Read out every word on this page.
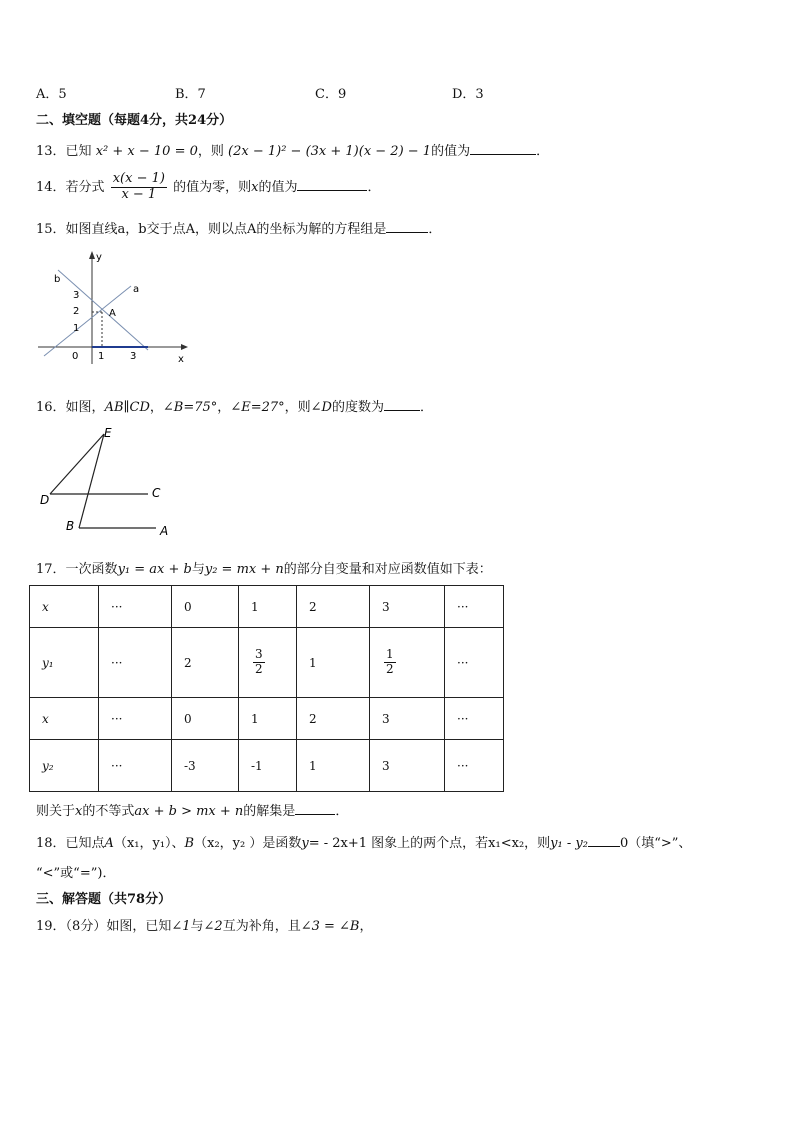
A．5	B．7	C．9	D．3
二、填空题（每题4分，共24分）
13．已知 x² + x − 10 = 0，则 (2x − 1)² − (3x + 1)(x − 2) − 1的值为	．
14．若分式 $\frac{x(x - 1)}{x - 1}$ 的值为零，则x的值为	．
15．如图直线a，b交于点A，则以点A的坐标为解的方程组是	．
b
y
a
A
x
3
2
1
0 1	3
16．如图，AB∥CD，∠B=75°，∠E=27°，则∠D的度数为	．
E
D	C
B	A
17．一次函数y₁ = ax + b与y₂ = mx + n的部分自变量和对应函数值如下表：
x	···	0	1	2	3	···
y₁	···	2	$\frac{3}{2}$	1	$\frac{1}{2}$	···
x	···	0	1	2	3	···
y₂	···	-3	-1	1	3	···
则关于x的不等式ax + b > mx + n的解集是	．
18．已知点A（x₁，y₁）、B（x₂，y₂ ）是函数y= - 2x+1 图象上的两个点，若x₁<x₂，则y₁ - y₂ 0（填“>”、
“<”或“=”)．
三、解答题（共78分）
19．（8分）如图，已知∠1与∠2互为补角，且∠3 = ∠B，
